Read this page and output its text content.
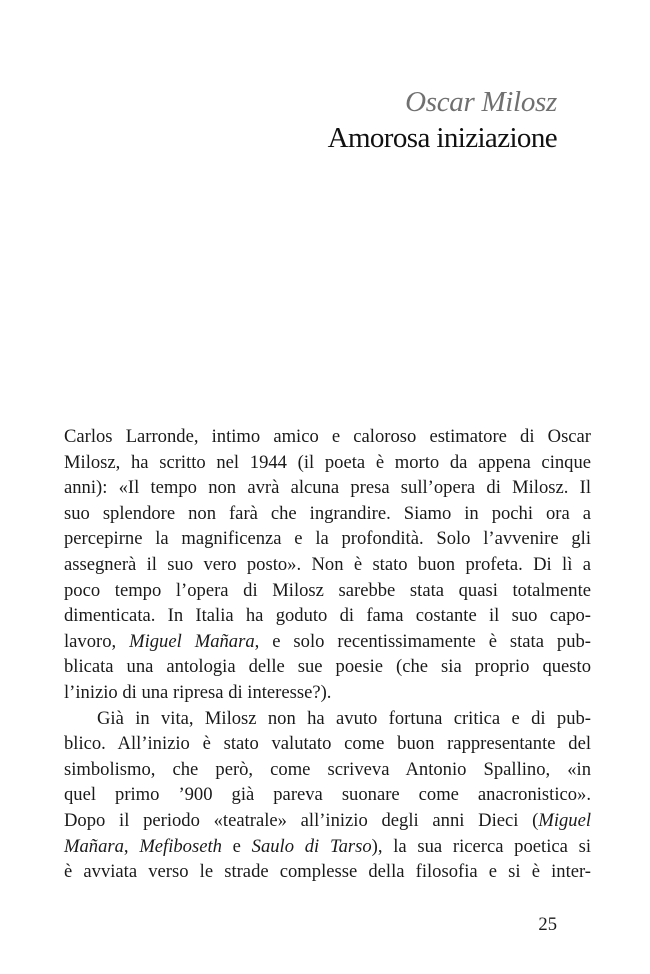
Oscar Milosz
Amorosa iniziazione
Carlos Larronde, intimo amico e caloroso estimatore di Oscar
Milosz, ha scritto nel 1944 (il poeta è morto da appena cinque
anni): «Il tempo non avrà alcuna presa sull’opera di Milosz. Il
suo splendore non farà che ingrandire. Siamo in pochi ora a
percepirne la magnificenza e la profondità. Solo l’avvenire gli
assegnerà il suo vero posto». Non è stato buon profeta. Di lì a
poco tempo l’opera di Milosz sarebbe stata quasi totalmente
dimenticata. In Italia ha goduto di fama costante il suo capo-
lavoro, Miguel Mañara, e solo recentissimamente è stata pub-
blicata una antologia delle sue poesie (che sia proprio questo
l’inizio di una ripresa di interesse?).
Già in vita, Milosz non ha avuto fortuna critica e di pub-
blico. All’inizio è stato valutato come buon rappresentante del
simbolismo, che però, come scriveva Antonio Spallino, «in
quel primo ’900 già pareva suonare come anacronistico».
Dopo il periodo «teatrale» all’inizio degli anni Dieci (Miguel
Mañara, Mefiboseth e Saulo di Tarso), la sua ricerca poetica si
è avviata verso le strade complesse della filosofia e si è inter-
25
